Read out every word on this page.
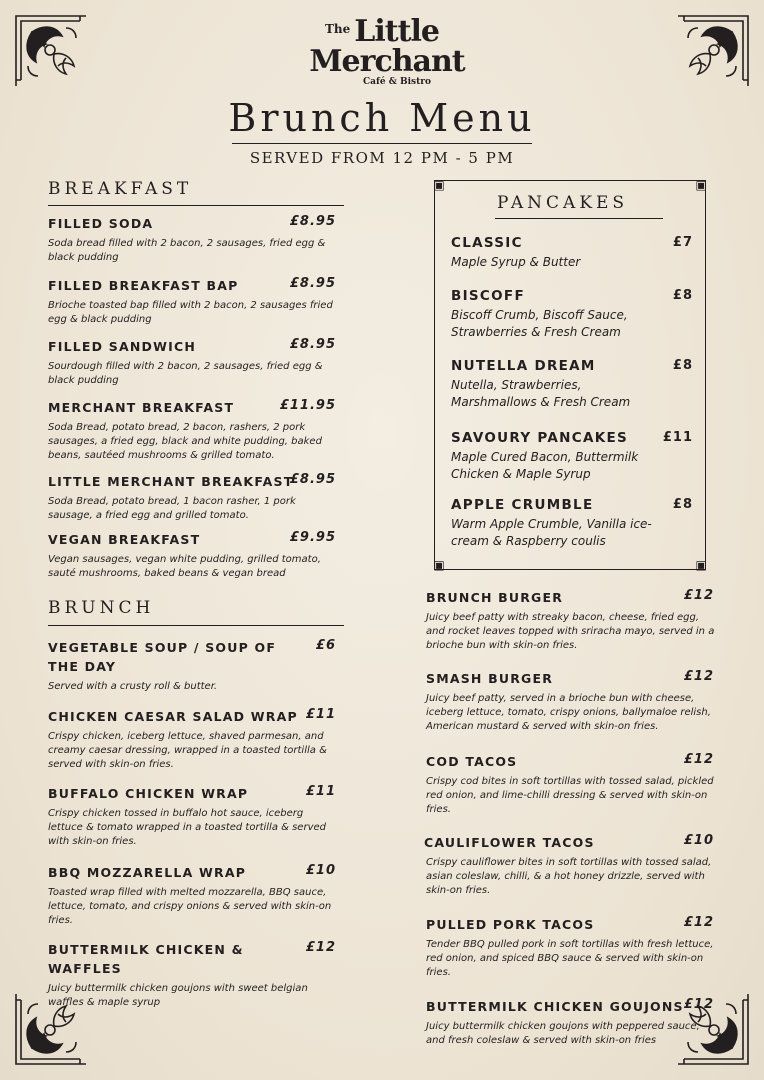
$^{The}$ Little
Merchant
Café & Bistro
Brunch Menu
SERVED FROM 12 PM - 5 PM
BREAKFAST
FILLED SODA	£8.95
Soda bread filled with 2 bacon, 2 sausages, fried egg & black pudding
FILLED BREAKFAST BAP	£8.95
Brioche toasted bap filled with 2 bacon, 2 sausages fried egg & black pudding
FILLED SANDWICH	£8.95
Sourdough filled with 2 bacon, 2 sausages, fried egg & black pudding
MERCHANT BREAKFAST	£11.95
Soda Bread, potato bread, 2 bacon, rashers, 2 pork sausages, a fried egg, black and white pudding, baked beans, sautéed mushrooms & grilled tomato.
LITTLE MERCHANT BREAKFAST
£8.95
Soda Bread, potato bread, 1 bacon rasher, 1 pork sausage, a fried egg and grilled tomato.
VEGAN BREAKFAST	£9.95
Vegan sausages, vegan white pudding, grilled tomato, sauté mushrooms, baked beans & vegan bread
BRUNCH
VEGETABLE SOUP / SOUP OF THE DAY
£6
Served with a crusty roll & butter.
CHICKEN CAESAR SALAD WRAP £11
Crispy chicken, iceberg lettuce, shaved parmesan, and creamy caesar dressing, wrapped in a toasted tortilla & served with skin-on fries.
BUFFALO CHICKEN WRAP	£11
Crispy chicken tossed in buffalo hot sauce, iceberg lettuce & tomato wrapped in a toasted tortilla & served with skin-on fries.
BBQ MOZZARELLA WRAP	£10
Toasted wrap filled with melted mozzarella, BBQ sauce, lettuce, tomato, and crispy onions & served with skin-on fries.
BUTTERMILK CHICKEN & WAFFLES
£12
Juicy buttermilk chicken goujons with sweet belgian waffles & maple syrup
▣	▣
▣	▣
PANCAKES
CLASSIC	£7
Maple Syrup & Butter
BISCOFF	£8
Biscoff Crumb, Biscoff Sauce, Strawberries & Fresh Cream
NUTELLA DREAM	£8
Nutella, Strawberries, Marshmallows & Fresh Cream
SAVOURY PANCAKES	£11
Maple Cured Bacon, Buttermilk Chicken & Maple Syrup
APPLE CRUMBLE	£8
Warm Apple Crumble, Vanilla ice-cream & Raspberry coulis
BRUNCH BURGER	£12
Juicy beef patty with streaky bacon, cheese, fried egg, and rocket leaves topped with sriracha mayo, served in a brioche bun with skin-on fries.
SMASH BURGER	£12
Juicy beef patty, served in a brioche bun with cheese, iceberg lettuce, tomato, crispy onions, ballymaloe relish, American mustard & served with skin-on fries.
COD TACOS	£12
Crispy cod bites in soft tortillas with tossed salad, pickled red onion, and lime-chilli dressing & served with skin-on fries.
CAULIFLOWER TACOS	£10
Crispy cauliflower bites in soft tortillas with tossed salad, asian coleslaw, chilli, & a hot honey drizzle, served with skin-on fries.
PULLED PORK TACOS	£12
Tender BBQ pulled pork in soft tortillas with fresh lettuce, red onion, and spiced BBQ sauce & served with skin-on fries.
BUTTERMILK CHICKEN GOUJONS £12
Juicy buttermilk chicken goujons with peppered sauce, and fresh coleslaw & served with skin-on fries
